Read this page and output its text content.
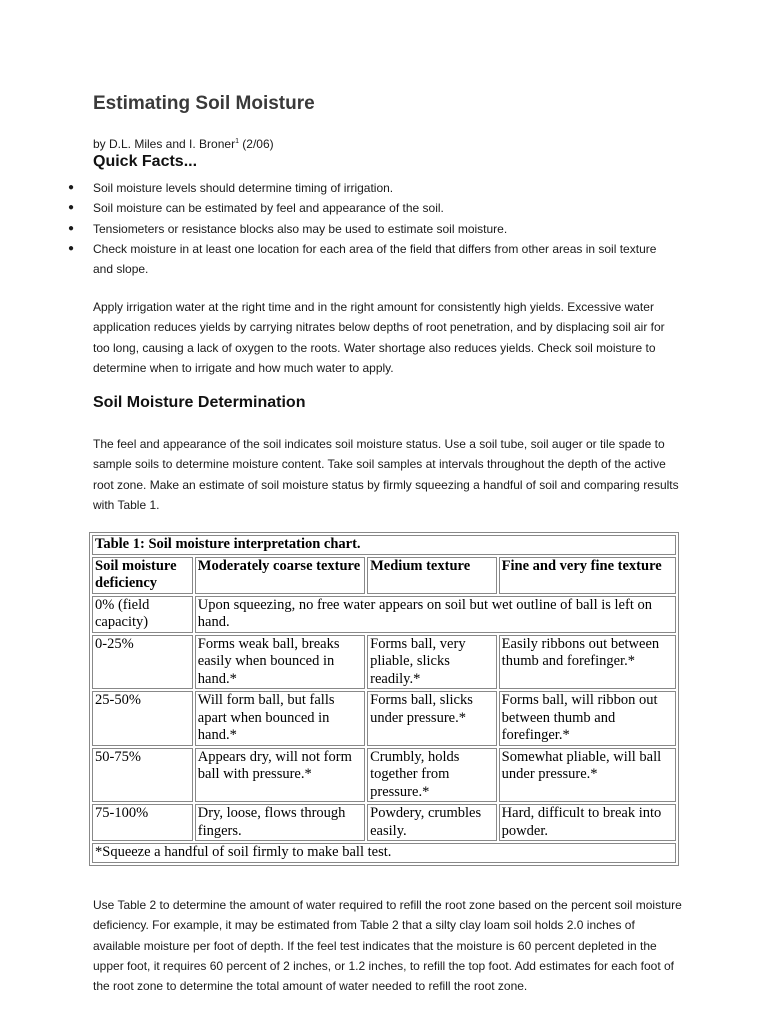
Estimating Soil Moisture
by D.L. Miles and I. Broner$^1$ (2/06)
Quick Facts...
● Soil moisture levels should determine timing of irrigation.
● Soil moisture can be estimated by feel and appearance of the soil.
● Tensiometers or resistance blocks also may be used to estimate soil moisture.
● Check moisture in at least one location for each area of the field that differs from other areas in soil texture and slope.

Apply irrigation water at the right time and in the right amount for consistently high yields. Excessive water application reduces yields by carrying nitrates below depths of root penetration, and by displacing soil air for too long, causing a lack of oxygen to the roots. Water shortage also reduces yields. Check soil moisture to determine when to irrigate and how much water to apply.

Soil Moisture Determination

The feel and appearance of the soil indicates soil moisture status. Use a soil tube, soil auger or tile spade to sample soils to determine moisture content. Take soil samples at intervals throughout the depth of the active root zone. Make an estimate of soil moisture status by firmly squeezing a handful of soil and comparing results with Table 1.

Table 1: Soil moisture interpretation chart.			
Soil moisture deficiency	Moderately coarse texture	Medium texture	Fine and very fine texture
0% (field capacity)	Upon squeezing, no free water appears on soil but wet outline of ball is left on hand.		
0-25%	Forms weak ball, breaks easily when bounced in hand.*	Forms ball, very pliable, slicks readily.*	Easily ribbons out between thumb and forefinger.*
25-50%	Will form ball, but falls apart when bounced in hand.*	Forms ball, slicks under pressure.*	Forms ball, will ribbon out between thumb and forefinger.*
50-75%	Appears dry, will not form ball with pressure.*	Crumbly, holds together from pressure.*	Somewhat pliable, will ball under pressure.*
75-100%	Dry, loose, flows through fingers.	Powdery, crumbles easily.	Hard, difficult to break into powder.
*Squeeze a handful of soil firmly to make ball test.			

Use Table 2 to determine the amount of water required to refill the root zone based on the percent soil moisture deficiency. For example, it may be estimated from Table 2 that a silty clay loam soil holds 2.0 inches of available moisture per foot of depth. If the feel test indicates that the moisture is 60 percent depleted in the upper foot, it requires 60 percent of 2 inches, or 1.2 inches, to refill the top foot. Add estimates for each foot of the root zone to determine the total amount of water needed to refill the root zone.
